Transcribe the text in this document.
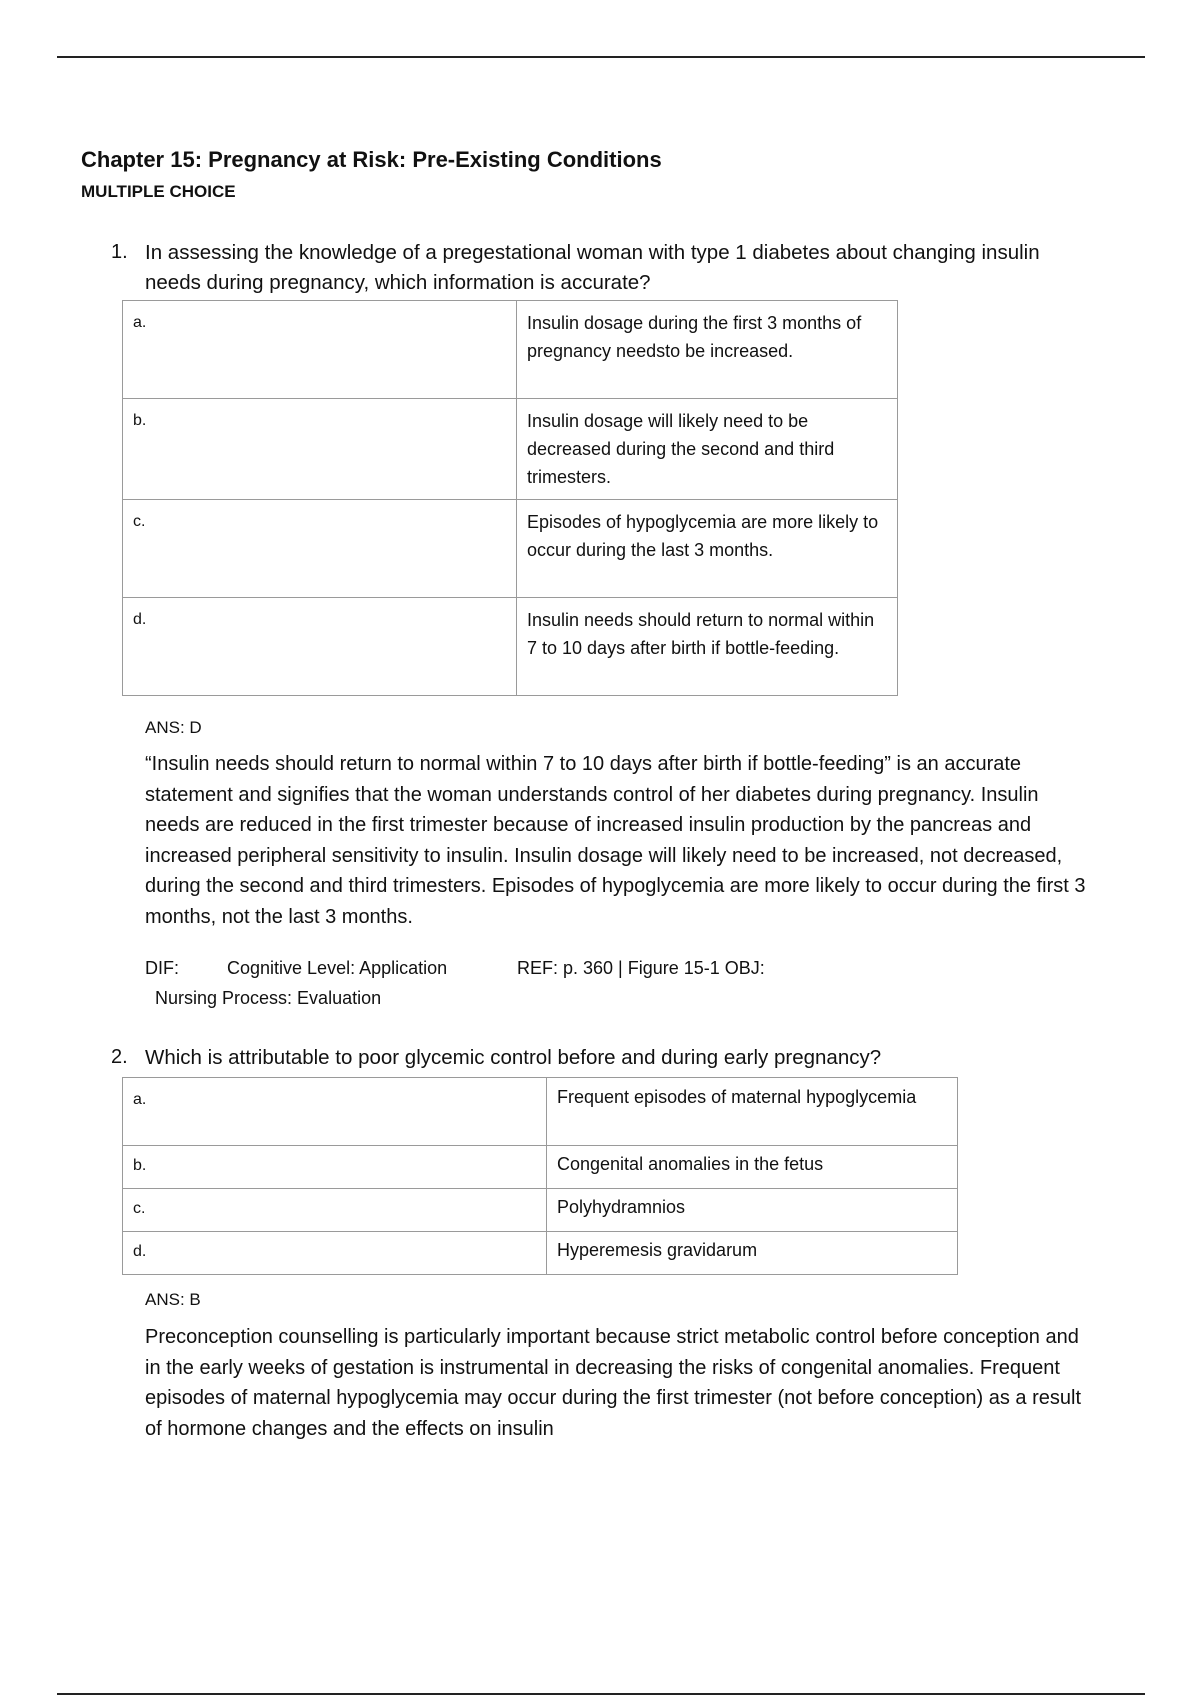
Chapter 15: Pregnancy at Risk: Pre-Existing Conditions
MULTIPLE CHOICE
1. In assessing the knowledge of a pregestational woman with type 1 diabetes about changing insulin needs during pregnancy, which information is accurate?
a.	Insulin dosage during the first 3 months of pregnancy needsto be increased.
b.	Insulin dosage will likely need to be decreased during the second and third trimesters.
c.	Episodes of hypoglycemia are more likely to occur during the last 3 months.
d.	Insulin needs should return to normal within 7 to 10 days after birth if bottle-feeding.
ANS: D
“Insulin needs should return to normal within 7 to 10 days after birth if bottle-feeding” is an accurate statement and signifies that the woman understands control of her diabetes during pregnancy. Insulin needs are reduced in the first trimester because of increased insulin production by the pancreas and increased peripheral sensitivity to insulin. Insulin dosage will likely need to be increased, not decreased, during the second and third trimesters. Episodes of hypoglycemia are more likely to occur during the first 3 months, not the last 3 months.
DIF:	Cognitive Level: Application	REF: p. 360 | Figure 15-1 OBJ:
Nursing Process: Evaluation
2. Which is attributable to poor glycemic control before and during early pregnancy?
a.	Frequent episodes of maternal hypoglycemia
b.	Congenital anomalies in the fetus
c.	Polyhydramnios
d.	Hyperemesis gravidarum
ANS: B
Preconception counselling is particularly important because strict metabolic control before conception and in the early weeks of gestation is instrumental in decreasing the risks of congenital anomalies. Frequent episodes of maternal hypoglycemia may occur during the first trimester (not before conception) as a result of hormone changes and the effects on insulin
